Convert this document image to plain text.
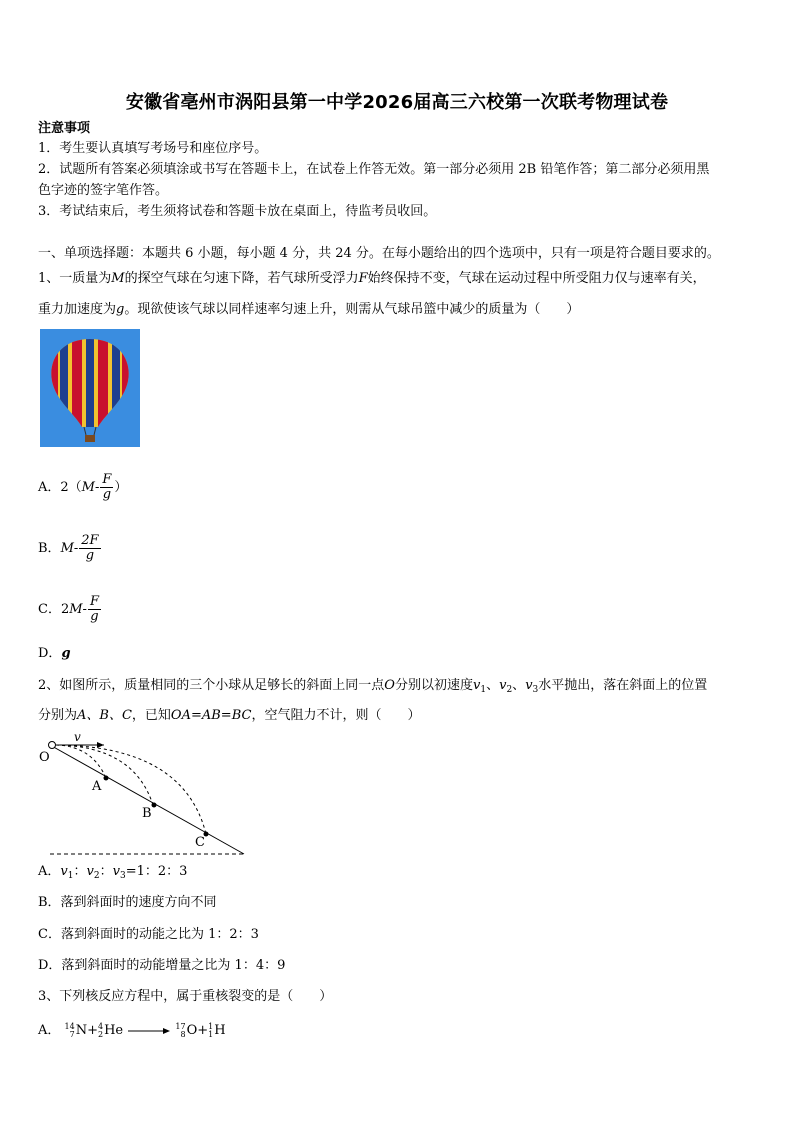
安徽省亳州市涡阳县第一中学2026届高三六校第一次联考物理试卷
注意事项
1．考生要认真填写考场号和座位序号。
2．试题所有答案必须填涂或书写在答题卡上，在试卷上作答无效。第一部分必须用 2B 铅笔作答；第二部分必须用黑
色字迹的签字笔作答。
3．考试结束后，考生须将试卷和答题卡放在桌面上，待监考员收回。
一、单项选择题：本题共 6 小题，每小题 4 分，共 24 分。在每小题给出的四个选项中，只有一项是符合题目要求的。
1、一质量为M的探空气球在匀速下降，若气球所受浮力F始终保持不变，气球在运动过程中所受阻力仅与速率有关，
重力加速度为g。现欲使该气球以同样速率匀速上升，则需从气球吊篮中减少的质量为（　　）
A．$2(M- \frac{F}{g}$ ）
B．$M- \frac{2F}{g}$
C．$2M- \frac{F}{g}$
D．g
2、如图所示，质量相同的三个小球从足够长的斜面上同一点O分别以初速度$v_1$、$v_2$、$v_3$水平抛出，落在斜面上的位置
分别为A、B、C，已知OA=AB=BC，空气阻力不计，则（　　）
O
A
B
C
v
A．$v_1$：$v_2$：$v_3=1$：2：3
B．落到斜面时的速度方向不同
C．落到斜面时的动能之比为 1：2：3
D．落到斜面时的动能增量之比为 1：4：9
3、下列核反应方程中，属于重核裂变的是（　　）
A． 14
7 N+ 4
2 He → 17
8 O+ 1
1 H
